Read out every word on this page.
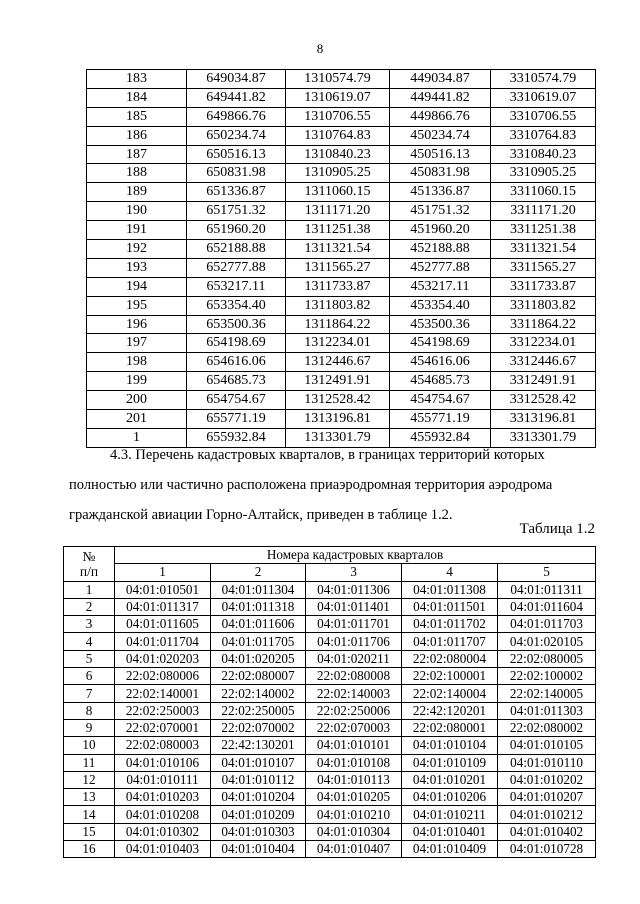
8
183	649034.87	1310574.79	449034.87	3310574.79
184	649441.82	1310619.07	449441.82	3310619.07
185	649866.76	1310706.55	449866.76	3310706.55
186	650234.74	1310764.83	450234.74	3310764.83
187	650516.13	1310840.23	450516.13	3310840.23
188	650831.98	1310905.25	450831.98	3310905.25
189	651336.87	1311060.15	451336.87	3311060.15
190	651751.32	1311171.20	451751.32	3311171.20
191	651960.20	1311251.38	451960.20	3311251.38
192	652188.88	1311321.54	452188.88	3311321.54
193	652777.88	1311565.27	452777.88	3311565.27
194	653217.11	1311733.87	453217.11	3311733.87
195	653354.40	1311803.82	453354.40	3311803.82
196	653500.36	1311864.22	453500.36	3311864.22
197	654198.69	1312234.01	454198.69	3312234.01
198	654616.06	1312446.67	454616.06	3312446.67
199	654685.73	1312491.91	454685.73	3312491.91
200	654754.67	1312528.42	454754.67	3312528.42
201	655771.19	1313196.81	455771.19	3313196.81
1	655932.84	1313301.79	455932.84	3313301.79
4.3. Перечень кадастровых кварталов, в границах территорий которых
полностью или частично расположена приаэродромная территория аэродрома
гражданской авиации Горно-Алтайск, приведен в таблице 1.2.
Таблица 1.2
№
п/п	Номера кадастровых кварталов				
	1	2	3	4	5
1	04:01:010501	04:01:011304	04:01:011306	04:01:011308	04:01:011311
2	04:01:011317	04:01:011318	04:01:011401	04:01:011501	04:01:011604
3	04:01:011605	04:01:011606	04:01:011701	04:01:011702	04:01:011703
4	04:01:011704	04:01:011705	04:01:011706	04:01:011707	04:01:020105
5	04:01:020203	04:01:020205	04:01:020211	22:02:080004	22:02:080005
6	22:02:080006	22:02:080007	22:02:080008	22:02:100001	22:02:100002
7	22:02:140001	22:02:140002	22:02:140003	22:02:140004	22:02:140005
8	22:02:250003	22:02:250005	22:02:250006	22:42:120201	04:01:011303
9	22:02:070001	22:02:070002	22:02:070003	22:02:080001	22:02:080002
10	22:02:080003	22:42:130201	04:01:010101	04:01:010104	04:01:010105
11	04:01:010106	04:01:010107	04:01:010108	04:01:010109	04:01:010110
12	04:01:010111	04:01:010112	04:01:010113	04:01:010201	04:01:010202
13	04:01:010203	04:01:010204	04:01:010205	04:01:010206	04:01:010207
14	04:01:010208	04:01:010209	04:01:010210	04:01:010211	04:01:010212
15	04:01:010302	04:01:010303	04:01:010304	04:01:010401	04:01:010402
16	04:01:010403	04:01:010404	04:01:010407	04:01:010409	04:01:010728
